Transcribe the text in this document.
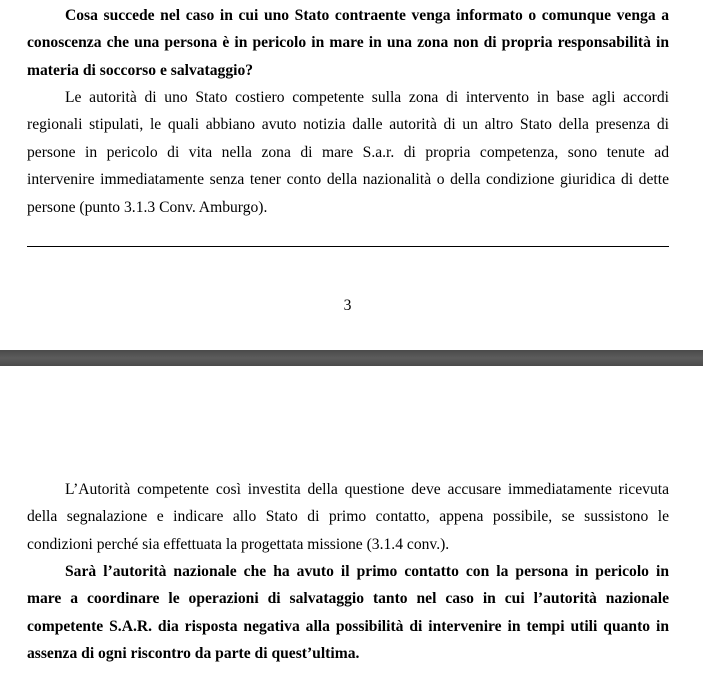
Cosa succede nel caso in cui uno Stato contraente venga informato o comunque venga a
conoscenza che una persona è in pericolo in mare in una zona non di propria responsabilità in
materia di soccorso e salvataggio?

Le autorità di uno Stato costiero competente sulla zona di intervento in base agli accordi
regionali stipulati, le quali abbiano avuto notizia dalle autorità di un altro Stato della presenza di
persone in pericolo di vita nella zona di mare S.a.r. di propria competenza, sono tenute ad
intervenire immediatamente senza tener conto della nazionalità o della condizione giuridica di dette
persone (punto 3.1.3 Conv. Amburgo).

3

L’Autorità competente così investita della questione deve accusare immediatamente ricevuta
della segnalazione e indicare allo Stato di primo contatto, appena possibile, se sussistono le
condizioni perché sia effettuata la progettata missione (3.1.4 conv.).

Sarà l’autorità nazionale che ha avuto il primo contatto con la persona in pericolo in
mare a coordinare le operazioni di salvataggio tanto nel caso in cui l’autorità nazionale
competente S.A.R. dia risposta negativa alla possibilità di intervenire in tempi utili quanto in
assenza di ogni riscontro da parte di quest’ultima.
